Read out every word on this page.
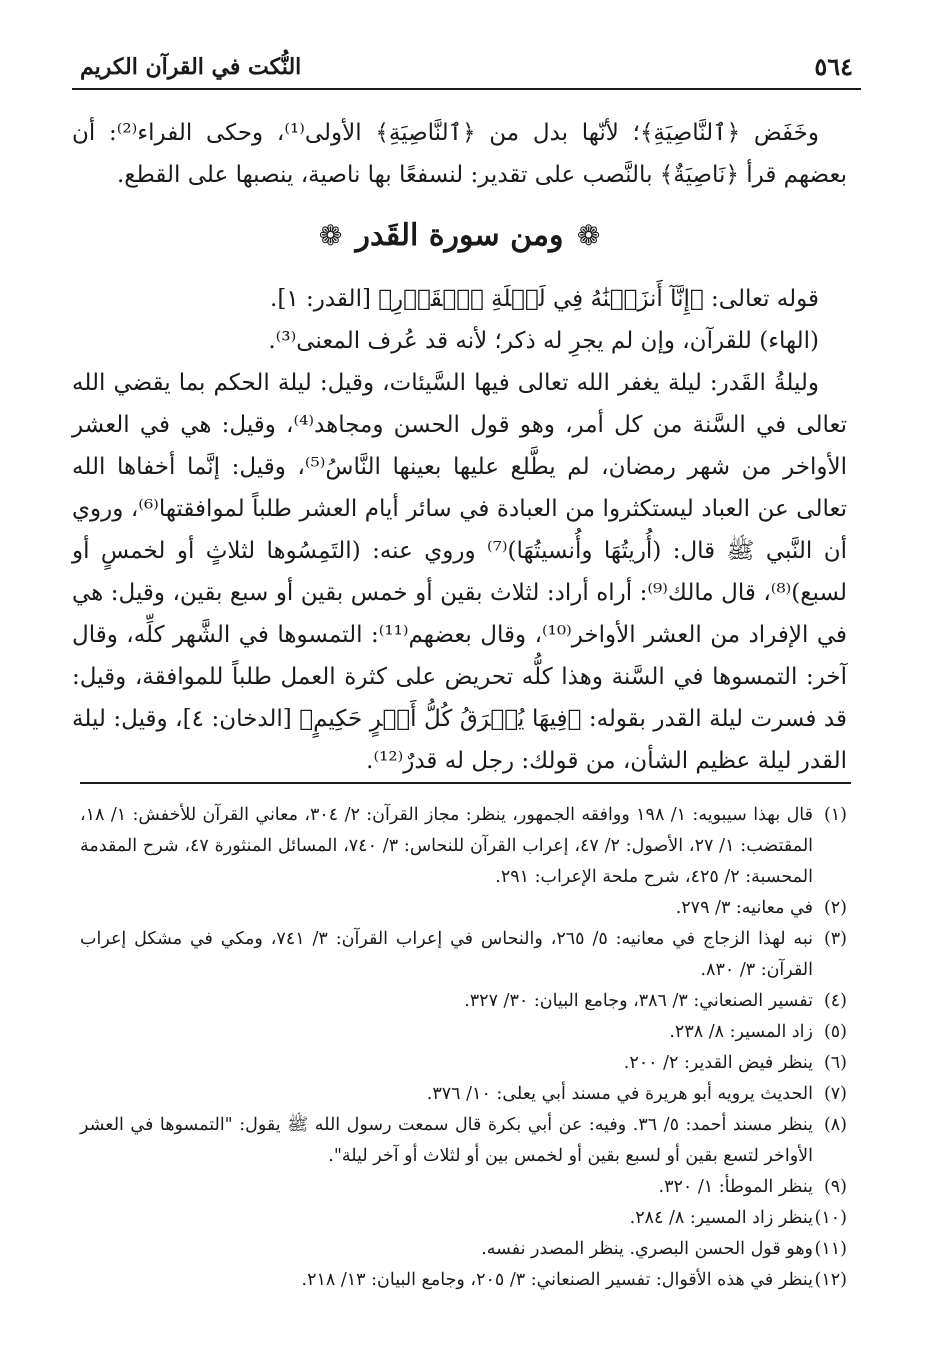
٥٦٤
النُّكت في القرآن الكريم

وخَفَض ﴿ٱلنَّاصِيَةِ﴾؛ لأنّها بدل من ﴿ٱلنَّاصِيَةِ﴾ الأولى⁽¹⁾، وحكى الفراء⁽²⁾: أن بعضهم قرأ ﴿نَاصِيَةٌ﴾ بالنَّصب على تقدير: لنسفعًا بها ناصية، ينصبها على القطع.

❁ ومن سورة القَدر ❁

قوله تعالى: ﴿إِنَّآ أَنزَلۡنَٰهُ فِي لَيۡلَةِ ٱلۡقَدۡرِ﴾ [القدر: ١].

(الهاء) للقرآن، وإن لم يجرِ له ذكر؛ لأنه قد عُرف المعنى⁽³⁾.

وليلةُ القَدر: ليلة يغفر الله تعالى فيها السَّيئات، وقيل: ليلة الحكم بما يقضي الله تعالى في السَّنة من كل أمر، وهو قول الحسن ومجاهد⁽⁴⁾، وقيل: هي في العشر الأواخر من شهر رمضان، لم يطَّلع عليها بعينها النَّاسُ⁽⁵⁾، وقيل: إنَّما أخفاها الله تعالى عن العباد ليستكثروا من العبادة في سائر أيام العشر طلباً لموافقتها⁽⁶⁾، وروي أن النَّبي ﷺ قال: (أُريتُهَا وأُنسيتُهَا)⁽⁷⁾ وروي عنه: (التَمِسُوها لثلاثٍ أو لخمسٍ أو لسبع)⁽⁸⁾، قال مالك⁽⁹⁾: أراه أراد: لثلاث بقين أو خمس بقين أو سبع بقين، وقيل: هي في الإفراد من العشر الأواخر⁽¹⁰⁾، وقال بعضهم⁽¹¹⁾: التمسوها في الشَّهر كلِّه، وقال آخر: التمسوها في السَّنة وهذا كلُّه تحريض على كثرة العمل طلباً للموافقة، وقيل: قد فسرت ليلة القدر بقوله: ﴿فِيهَا يُفۡرَقُ كُلُّ أَمۡرٍ حَكِيمٍ﴾ [الدخان: ٤]، وقيل: ليلة القدر ليلة عظيم الشأن، من قولك: رجل له قدرٌ⁽¹²⁾.

(١)
قال بهذا سيبويه: ١/ ١٩٨ ووافقه الجمهور، ينظر: مجاز القرآن: ٢/ ٣٠٤، معاني القرآن للأخفش: ١/ ١٨، المقتضب: ١/ ٢٧، الأصول: ٢/ ٤٧، إعراب القرآن للنحاس: ٣/ ٧٤٠، المسائل المنثورة ٤٧، شرح المقدمة المحسبة: ٢/ ٤٢٥، شرح ملحة الإعراب: ٢٩١.

(٢)
في معانيه: ٣/ ٢٧٩.

(٣)
نبه لهذا الزجاج في معانيه: ٥/ ٢٦٥، والنحاس في إعراب القرآن: ٣/ ٧٤١، ومكي في مشكل إعراب القرآن: ٣/ ٨٣٠.

(٤)
تفسير الصنعاني: ٣/ ٣٨٦، وجامع البيان: ٣٠/ ٣٢٧.

(٥)
زاد المسير: ٨/ ٢٣٨.

(٦)
ينظر فيض القدير: ٢/ ٢٠٠.

(٧)
الحديث يرويه أبو هريرة في مسند أبي يعلى: ١٠/ ٣٧٦.

(٨)
ينظر مسند أحمد: ٥/ ٣٦. وفيه: عن أبي بكرة قال سمعت رسول الله ﷺ يقول: "التمسوها في العشر الأواخر لتسع بقين أو لسبع بقين أو لخمس بين أو لثلاث أو آخر ليلة".

(٩)
ينظر الموطأ: ١/ ٣٢٠.

(١٠)
ينظر زاد المسير: ٨/ ٢٨٤.

(١١)
وهو قول الحسن البصري. ينظر المصدر نفسه.

(١٢)
ينظر في هذه الأقوال: تفسير الصنعاني: ٣/ ٢٠٥، وجامع البيان: ١٣/ ٢١٨.
